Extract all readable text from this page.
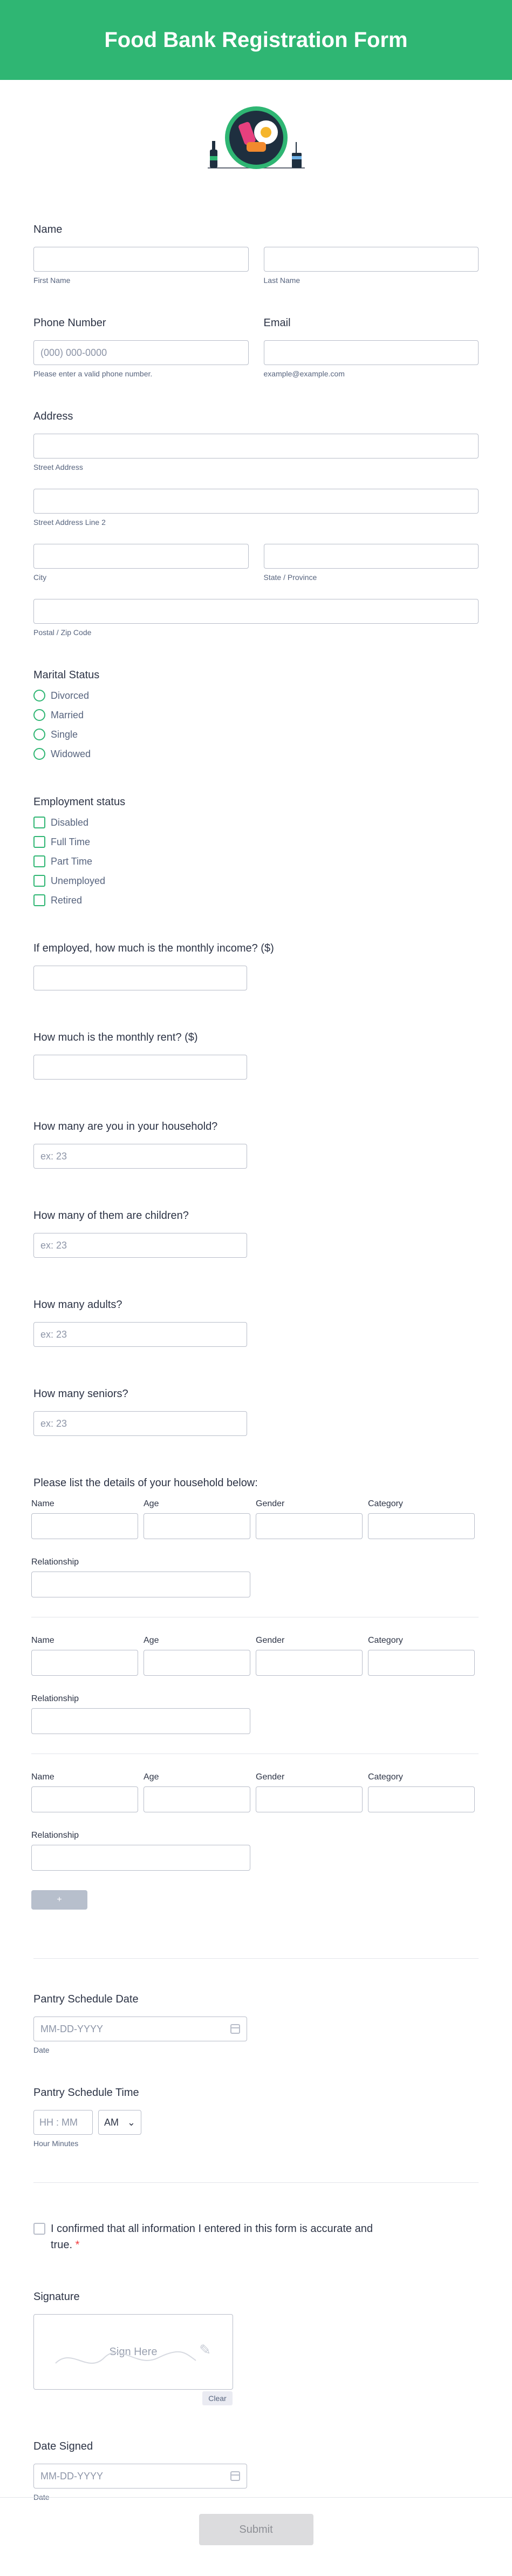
Food Bank Registration Form
Name
First Name	Last Name
Phone Number
(000) 000-0000
Please enter a valid phone number.
Email
example@example.com
Address
Street Address
Street Address Line 2
City	State / Province
Postal / Zip Code
Marital Status
Divorced
Married
Single
Widowed
Employment status
Disabled
Full Time
Part Time
Unemployed
Retired
If employed, how much is the monthly income? ($)
How much is the monthly rent? ($)
How many are you in your household?
ex: 23
How many of them are children?
ex: 23
How many adults?
ex: 23
How many seniors?
ex: 23
Please list the details of your household below:
Name	Age	Gender	Category
Relationship
Name	Age	Gender	Category
Relationship
Name	Age	Gender	Category
Relationship
+
Pantry Schedule Date
MM-DD-YYYY
Date
Pantry Schedule Time
HH : MM	AM ⌄
Hour Minutes
I confirmed that all information I entered in this form is accurate and true. *
Signature
Sign Here	✎
Clear
Date Signed
MM-DD-YYYY
Date
Submit
